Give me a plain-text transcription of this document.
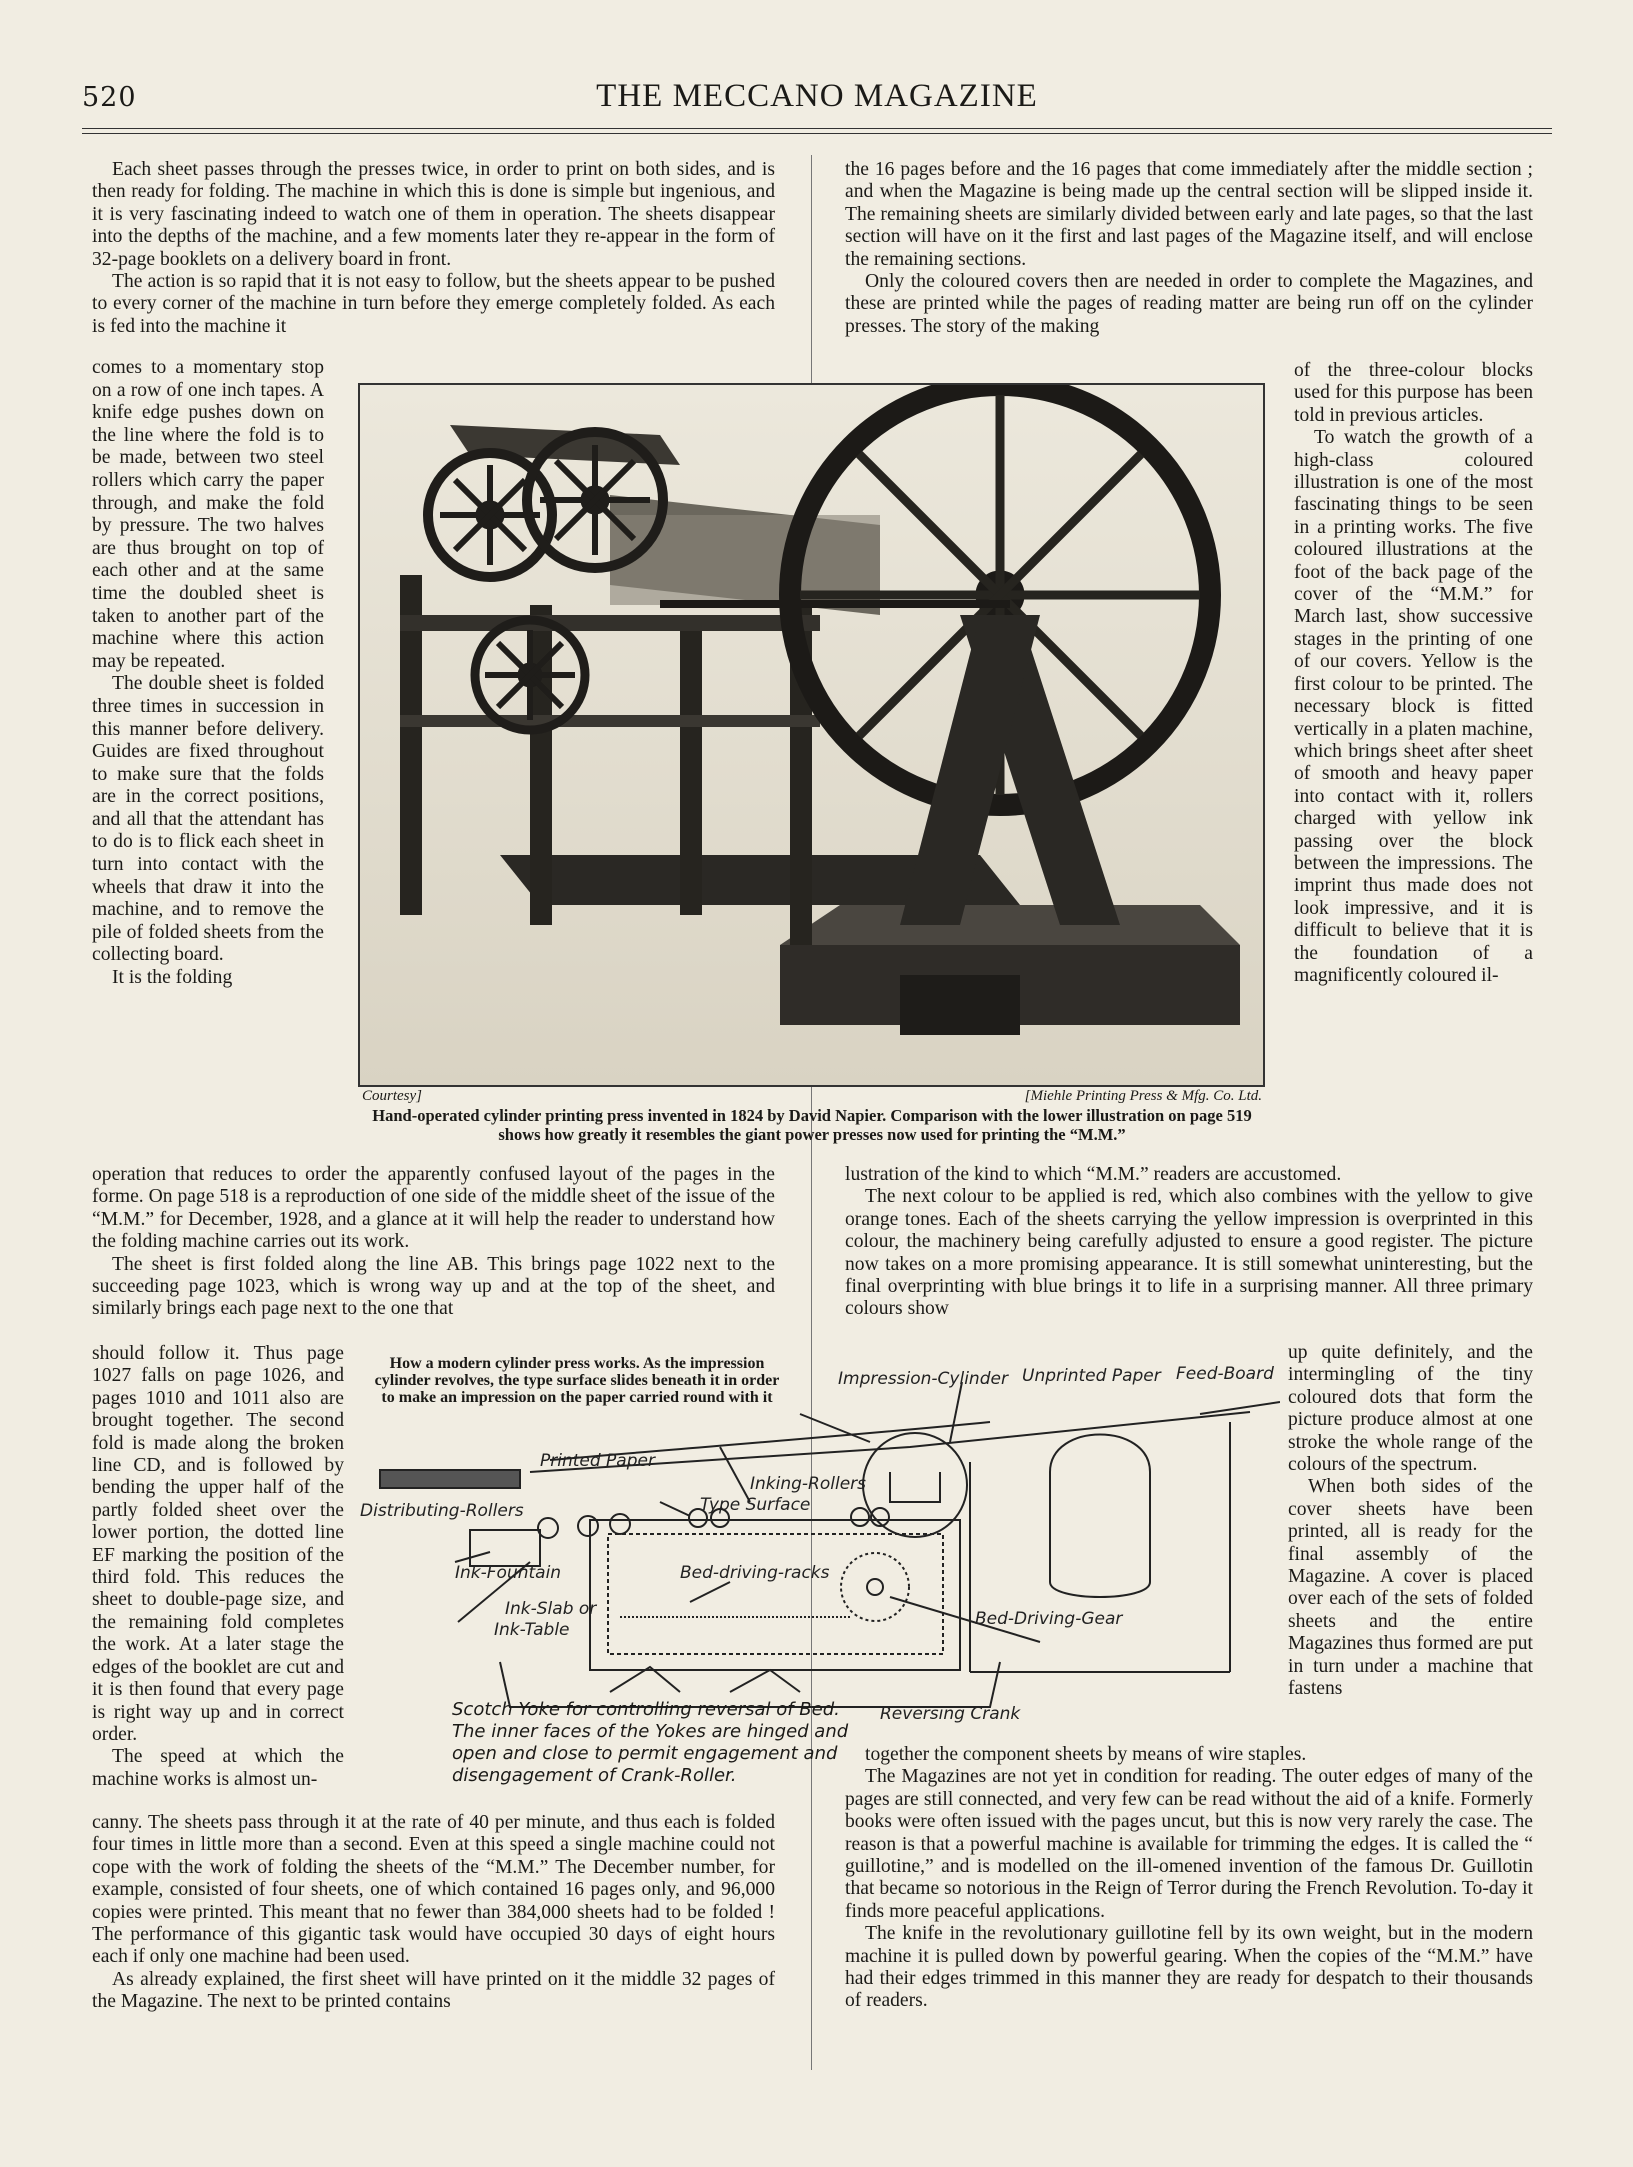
520	THE MECCANO MAGAZINE

Each sheet passes through the presses twice, in order to print on both sides, and is then ready for folding. The machine in which this is done is simple but ingenious, and it is very fascinating indeed to watch one of them in operation. The sheets disappear into the depths of the machine, and a few moments later they re-appear in the form of 32-page booklets on a delivery board in front.

The action is so rapid that it is not easy to follow, but the sheets appear to be pushed to every corner of the machine in turn before they emerge completely folded. As each is fed into the machine it

comes to a momentary stop on a row of one inch tapes. A knife edge pushes down on the line where the fold is to be made, between two steel rollers which carry the paper through, and make the fold by pressure. The two halves are thus brought on top of each other and at the same time the doubled sheet is taken to another part of the machine where this action may be repeated.

The double sheet is folded three times in succession in this manner before delivery. Guides are fixed throughout to make sure that the folds are in the correct positions, and all that the attendant has to do is to flick each sheet in turn into contact with the wheels that draw it into the machine, and to remove the pile of folded sheets from the collecting board.

It is the folding

operation that reduces to order the apparently confused layout of the pages in the forme. On page 518 is a reproduction of one side of the middle sheet of the issue of the “M.M.” for December, 1928, and a glance at it will help the reader to understand how the folding machine carries out its work.

The sheet is first folded along the line AB. This brings page 1022 next to the succeeding page 1023, which is wrong way up and at the top of the sheet, and similarly brings each page next to the one that

should follow it. Thus page 1027 falls on page 1026, and pages 1010 and 1011 also are brought together. The second fold is made along the broken line CD, and is followed by bending the upper half of the partly folded sheet over the lower portion, the dotted line EF marking the position of the third fold. This reduces the sheet to double-page size, and the remaining fold completes the work. At a later stage the edges of the booklet are cut and it is then found that every page is right way up and in correct order.

The speed at which the machine works is almost un-

canny. The sheets pass through it at the rate of 40 per minute, and thus each is folded four times in little more than a second. Even at this speed a single machine could not cope with the work of folding the sheets of the “M.M.” The December number, for example, consisted of four sheets, one of which contained 16 pages only, and 96,000 copies were printed. This meant that no fewer than 384,000 sheets had to be folded ! The performance of this gigantic task would have occupied 30 days of eight hours each if only one machine had been used.

As already explained, the first sheet will have printed on it the middle 32 pages of the Magazine. The next to be printed contains

the 16 pages before and the 16 pages that come immediately after the middle section ; and when the Magazine is being made up the central section will be slipped inside it. The remaining sheets are similarly divided between early and late pages, so that the last section will have on it the first and last pages of the Magazine itself, and will enclose the remaining sections.

Only the coloured covers then are needed in order to complete the Magazines, and these are printed while the pages of reading matter are being run off on the cylinder presses. The story of the making

of the three-colour blocks used for this purpose has been told in previous articles.

To watch the growth of a high-class coloured illustration is one of the most fascinating things to be seen in a printing works. The five coloured illustrations at the foot of the back page of the cover of the “M.M.” for March last, show successive stages in the printing of one of our covers. Yellow is the first colour to be printed. The necessary block is fitted vertically in a platen machine, which brings sheet after sheet of smooth and heavy paper into contact with it, rollers charged with yellow ink passing over the block between the impressions. The imprint thus made does not look impressive, and it is difficult to believe that it is the foundation of a magnificently coloured il-

lustration of the kind to which “M.M.” readers are accustomed.

The next colour to be applied is red, which also combines with the yellow to give orange tones. Each of the sheets carrying the yellow impression is overprinted in this colour, the machinery being carefully adjusted to ensure a good register. The picture now takes on a more promising appearance. It is still somewhat uninteresting, but the final overprinting with blue brings it to life in a surprising manner. All three primary colours show

up quite definitely, and the intermingling of the tiny coloured dots that form the picture produce almost at one stroke the whole range of the colours of the spectrum.

When both sides of the cover sheets have been printed, all is ready for the final assembly of the Magazine. A cover is placed over each of the sets of folded sheets and the entire Magazines thus formed are put in turn under a machine that fastens

together the component sheets by means of wire staples.

The Magazines are not yet in condition for reading. The outer edges of many of the pages are still connected, and very few can be read without the aid of a knife. Formerly books were often issued with the pages uncut, but this is now very rarely the case. The reason is that a powerful machine is available for trimming the edges. It is called the “ guillotine,” and is modelled on the ill-omened invention of the famous Dr. Guillotin that became so notorious in the Reign of Terror during the French Revolution. To-day it finds more peaceful applications.

The knife in the revolutionary guillotine fell by its own weight, but in the modern machine it is pulled down by powerful gearing. When the copies of the “M.M.” have had their edges trimmed in this manner they are ready for despatch to their thousands of readers.

Courtesy]	[Miehle Printing Press & Mfg. Co. Ltd.
Hand-operated cylinder printing press invented in 1824 by David Napier. Comparison with the lower illustration on page 519 shows how greatly it resembles the giant power presses now used for printing the “M.M.”
How a modern cylinder press works. As the impression cylinder revolves, the type surface slides beneath it in order to make an impression on the paper carried round with it
Impression-Cylinder Unprinted Paper Feed-Board
Printed Paper
Inking-Rollers
Type Surface
Distributing-Rollers
Ink-Fountain	Bed-driving-racks
Ink-Slab or
Ink-Table
Bed-Driving-Gear
Reversing Crank
Scotch Yoke for controlling reversal of Bed. The inner faces of the Yokes are hinged and open and close to permit engagement and disengagement of Crank-Roller.
